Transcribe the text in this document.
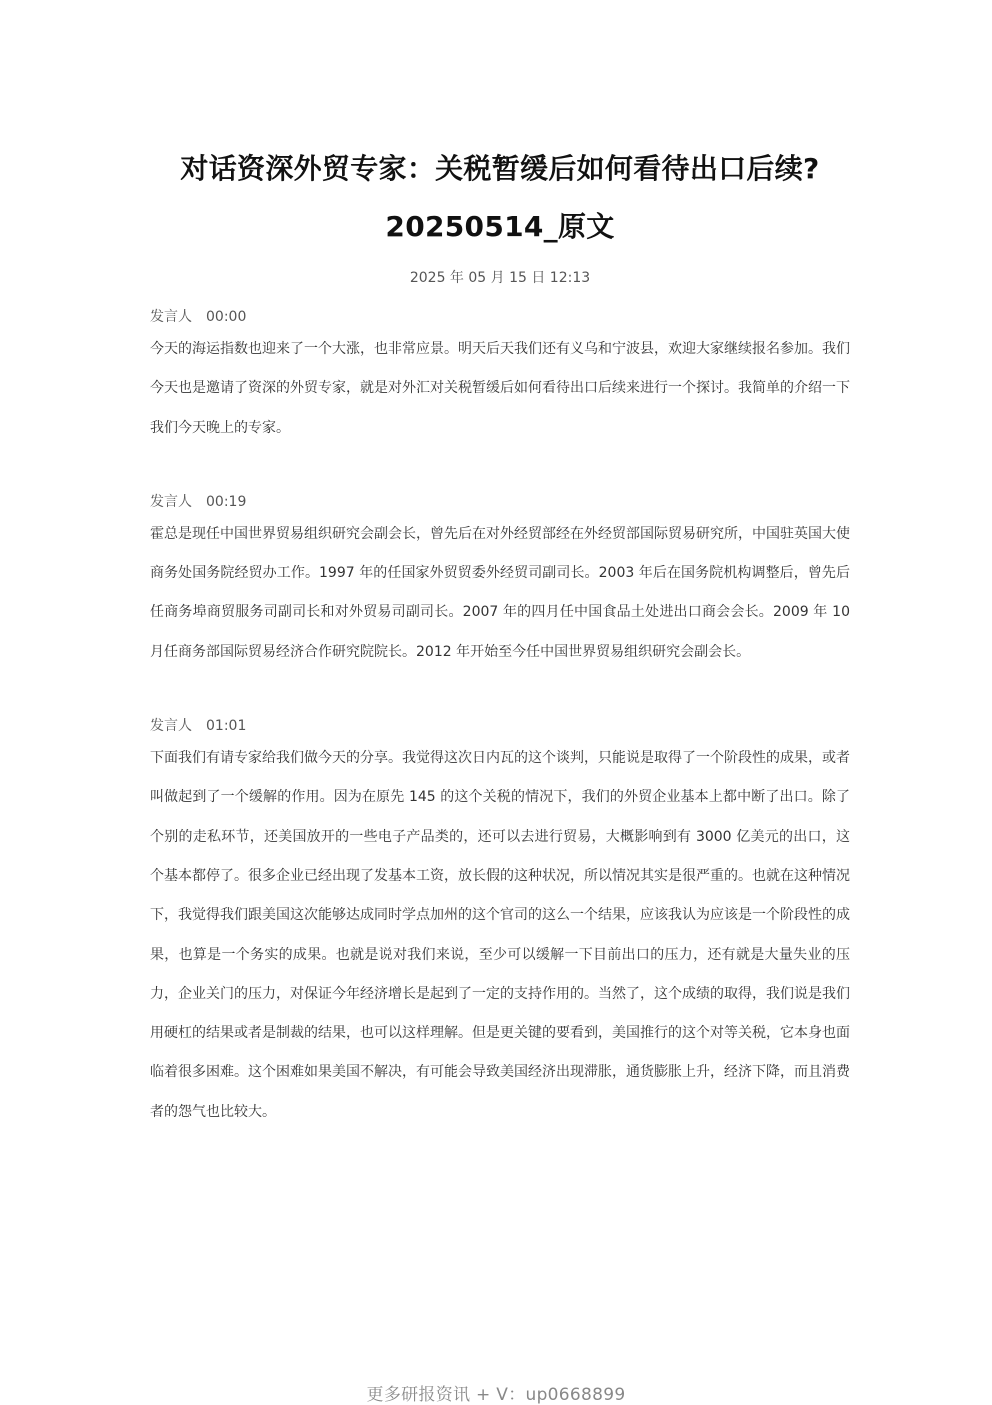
对话资深外贸专家：关税暂缓后如何看待出口后续?
20250514_原文
2025 年 05 月 15 日 12:13
发言人 00:00

今天的海运指数也迎来了一个大涨，也非常应景。明天后天我们还有义乌和宁波县，欢迎大家继续报名参加。我们今天也是邀请了资深的外贸专家，就是对外汇对关税暂缓后如何看待出口后续来进行一个探讨。我简单的介绍一下我们今天晚上的专家。

发言人 00:19

霍总是现任中国世界贸易组织研究会副会长，曾先后在对外经贸部经在外经贸部国际贸易研究所，中国驻英国大使商务处国务院经贸办工作。1997 年的任国家外贸贸委外经贸司副司长。2003 年后在国务院机构调整后，曾先后任商务埠商贸服务司副司长和对外贸易司副司长。2007 年的四月任中国食品土处进出口商会会长。2009 年 10 月任商务部国际贸易经济合作研究院院长。2012 年开始至今任中国世界贸易组织研究会副会长。

发言人 01:01

下面我们有请专家给我们做今天的分享。我觉得这次日内瓦的这个谈判，只能说是取得了一个阶段性的成果，或者叫做起到了一个缓解的作用。因为在原先 145 的这个关税的情况下，我们的外贸企业基本上都中断了出口。除了个别的走私环节，还美国放开的一些电子产品类的，还可以去进行贸易，大概影响到有 3000 亿美元的出口，这个基本都停了。很多企业已经出现了发基本工资，放长假的这种状况，所以情况其实是很严重的。也就在这种情况下，我觉得我们跟美国这次能够达成同时学点加州的这个官司的这么一个结果，应该我认为应该是一个阶段性的成果，也算是一个务实的成果。也就是说对我们来说，至少可以缓解一下目前出口的压力，还有就是大量失业的压力，企业关门的压力，对保证今年经济增长是起到了一定的支持作用的。当然了，这个成绩的取得，我们说是我们用硬杠的结果或者是制裁的结果，也可以这样理解。但是更关键的要看到，美国推行的这个对等关税，它本身也面临着很多困难。这个困难如果美国不解决，有可能会导致美国经济出现滞胀，通货膨胀上升，经济下降，而且消费者的怨气也比较大。

更多研报资讯 + V：up0668899
